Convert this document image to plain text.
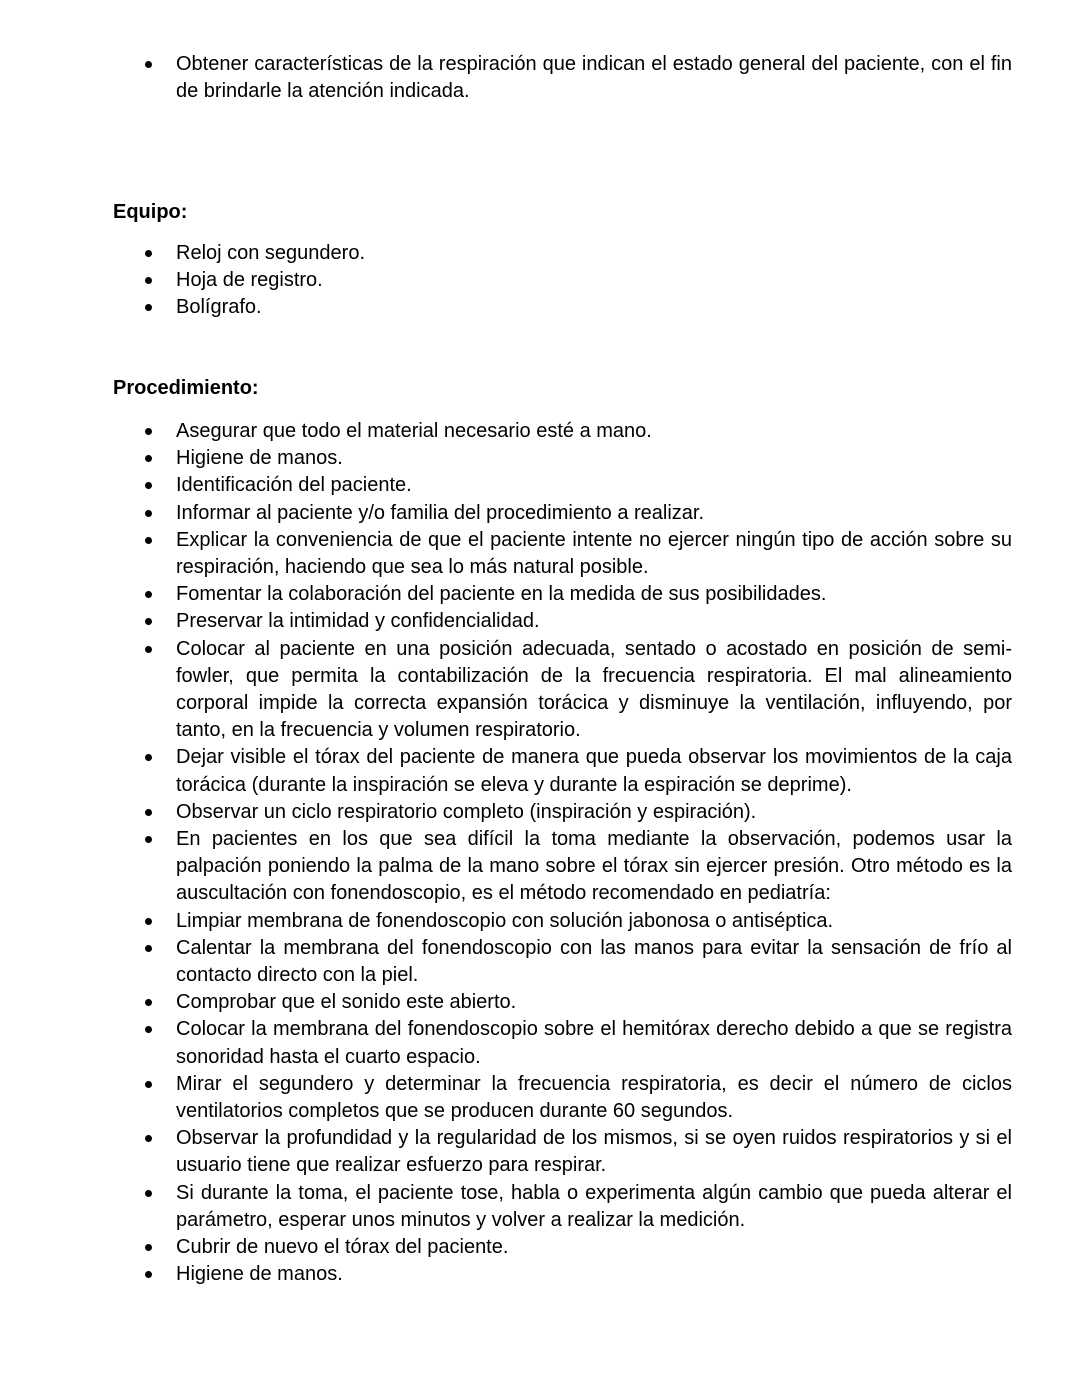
Obtener características de la respiración que indican el estado general del paciente, con el fin de brindarle la atención indicada.
Equipo:
Reloj con segundero.
Hoja de registro.
Bolígrafo.
Procedimiento:
Asegurar que todo el material necesario esté a mano.
Higiene de manos.
Identificación del paciente.
Informar al paciente y/o familia del procedimiento a realizar.
Explicar la conveniencia de que el paciente intente no ejercer ningún tipo de acción sobre su respiración, haciendo que sea lo más natural posible.
Fomentar la colaboración del paciente en la medida de sus posibilidades.
Preservar la intimidad y confidencialidad.
Colocar al paciente en una posición adecuada, sentado o acostado en posición de semi-fowler, que permita la contabilización de la frecuencia respiratoria. El mal alineamiento corporal impide la correcta expansión torácica y disminuye la ventilación, influyendo, por tanto, en la frecuencia y volumen respiratorio.
Dejar visible el tórax del paciente de manera que pueda observar los movimientos de la caja torácica (durante la inspiración se eleva y durante la espiración se deprime).
Observar un ciclo respiratorio completo (inspiración y espiración).
En pacientes en los que sea difícil la toma mediante la observación, podemos usar la palpación poniendo la palma de la mano sobre el tórax sin ejercer presión. Otro método es la auscultación con fonendoscopio, es el método recomendado en pediatría:
Limpiar membrana de fonendoscopio con solución jabonosa o antiséptica.
Calentar la membrana del fonendoscopio con las manos para evitar la sensación de frío al contacto directo con la piel.
Comprobar que el sonido este abierto.
Colocar la membrana del fonendoscopio sobre el hemitórax derecho debido a que se registra sonoridad hasta el cuarto espacio.
Mirar el segundero y determinar la frecuencia respiratoria, es decir el número de ciclos ventilatorios completos que se producen durante 60 segundos.
Observar la profundidad y la regularidad de los mismos, si se oyen ruidos respiratorios y si el usuario tiene que realizar esfuerzo para respirar.
Si durante la toma, el paciente tose, habla o experimenta algún cambio que pueda alterar el parámetro, esperar unos minutos y volver a realizar la medición.
Cubrir de nuevo el tórax del paciente.
Higiene de manos.
